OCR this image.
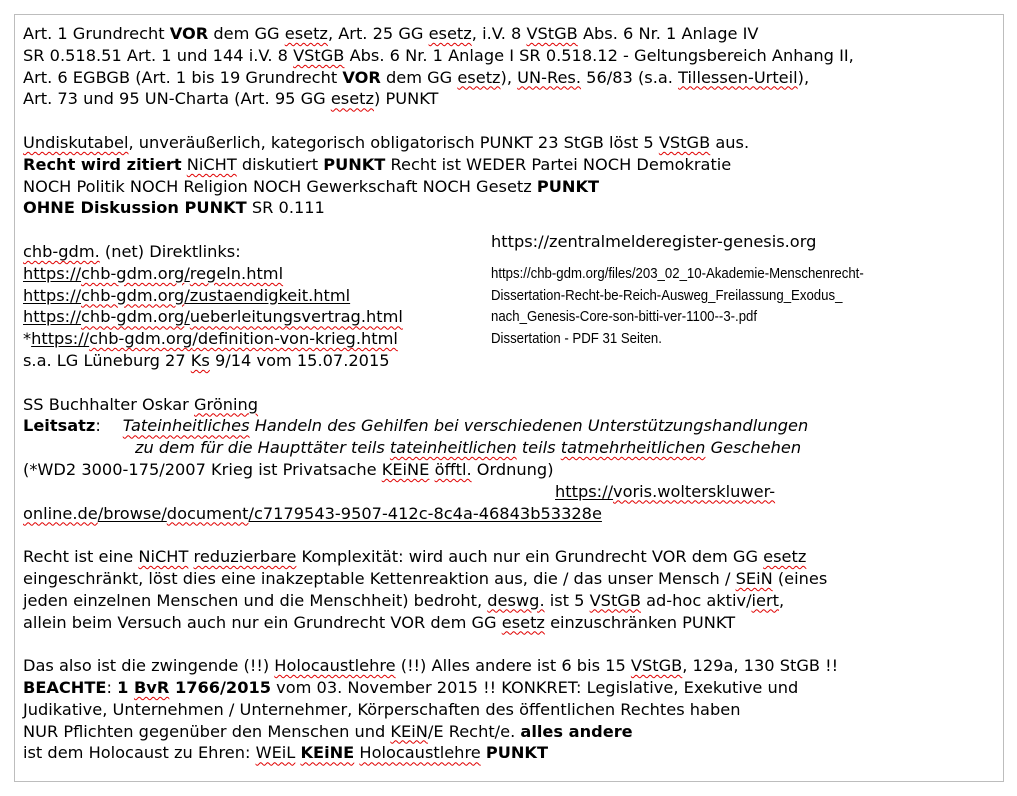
Art. 1 Grundrecht VOR dem GG esetz, Art. 25 GG esetz, i.V. 8 VStGB Abs. 6 Nr. 1 Anlage IV
SR 0.518.51 Art. 1 und 144 i.V. 8 VStGB Abs. 6 Nr. 1 Anlage I SR 0.518.12 - Geltungsbereich Anhang II,
Art. 6 EGBGB (Art. 1 bis 19 Grundrecht VOR dem GG esetz), UN-Res. 56/83 (s.a. Tillessen-Urteil),
Art. 73 und 95 UN-Charta (Art. 95 GG esetz) PUNKT
Undiskutabel, unveräußerlich, kategorisch obligatorisch PUNKT 23 StGB löst 5 VStGB aus.
Recht wird zitiert NiCHT diskutiert PUNKT Recht ist WEDER Partei NOCH Demokratie
NOCH Politik NOCH Religion NOCH Gewerkschaft NOCH Gesetz PUNKT
OHNE Diskussion PUNKT SR 0.111
chb-gdm. (net) Direktlinks:
https://chb-gdm.org/regeln.html
https://chb-gdm.org/zustaendigkeit.html
https://chb-gdm.org/ueberleitungsvertrag.html
*https://chb-gdm.org/definition-von-krieg.html
s.a. LG Lüneburg 27 Ks 9/14 vom 15.07.2015
SS Buchhalter Oskar Gröning
Leitsatz: Tateinheitliches Handeln des Gehilfen bei verschiedenen Unterstützungshandlungen
zu dem für die Haupttäter teils tateinheitlichen teils tatmehrheitlichen Geschehen
(*WD2 3000-175/2007 Krieg ist Privatsache KEiNE öfftl. Ordnung)
https://voris.wolterskluwer-
online.de/browse/document/c7179543-9507-412c-8c4a-46843b53328e
Recht ist eine NiCHT reduzierbare Komplexität: wird auch nur ein Grundrecht VOR dem GG esetz
eingeschränkt, löst dies eine inakzeptable Kettenreaktion aus, die / das unser Mensch / SEiN (eines
jeden einzelnen Menschen und die Menschheit) bedroht, deswg. ist 5 VStGB ad-hoc aktiv/iert,
allein beim Versuch auch nur ein Grundrecht VOR dem GG esetz einzuschränken PUNKT
Das also ist die zwingende (!!) Holocaustlehre (!!) Alles andere ist 6 bis 15 VStGB, 129a, 130 StGB !!
BEACHTE: 1 BvR 1766/2015 vom 03. November 2015 !! KONKRET: Legislative, Exekutive und
Judikative, Unternehmen / Unternehmer, Körperschaften des öffentlichen Rechtes haben
NUR Pflichten gegenüber den Menschen und KEiN/E Recht/e. alles andere
ist dem Holocaust zu Ehren: WEiL KEiNE Holocaustlehre PUNKT
https://zentralmelderegister-genesis.org
https://chb-gdm.org/files/203_02_10-Akademie-Menschenrecht-
Dissertation-Recht-be-Reich-Ausweg_Freilassung_Exodus_
nach_Genesis-Core-son-bitti-ver-1100--3-.pdf
Dissertation - PDF 31 Seiten.
